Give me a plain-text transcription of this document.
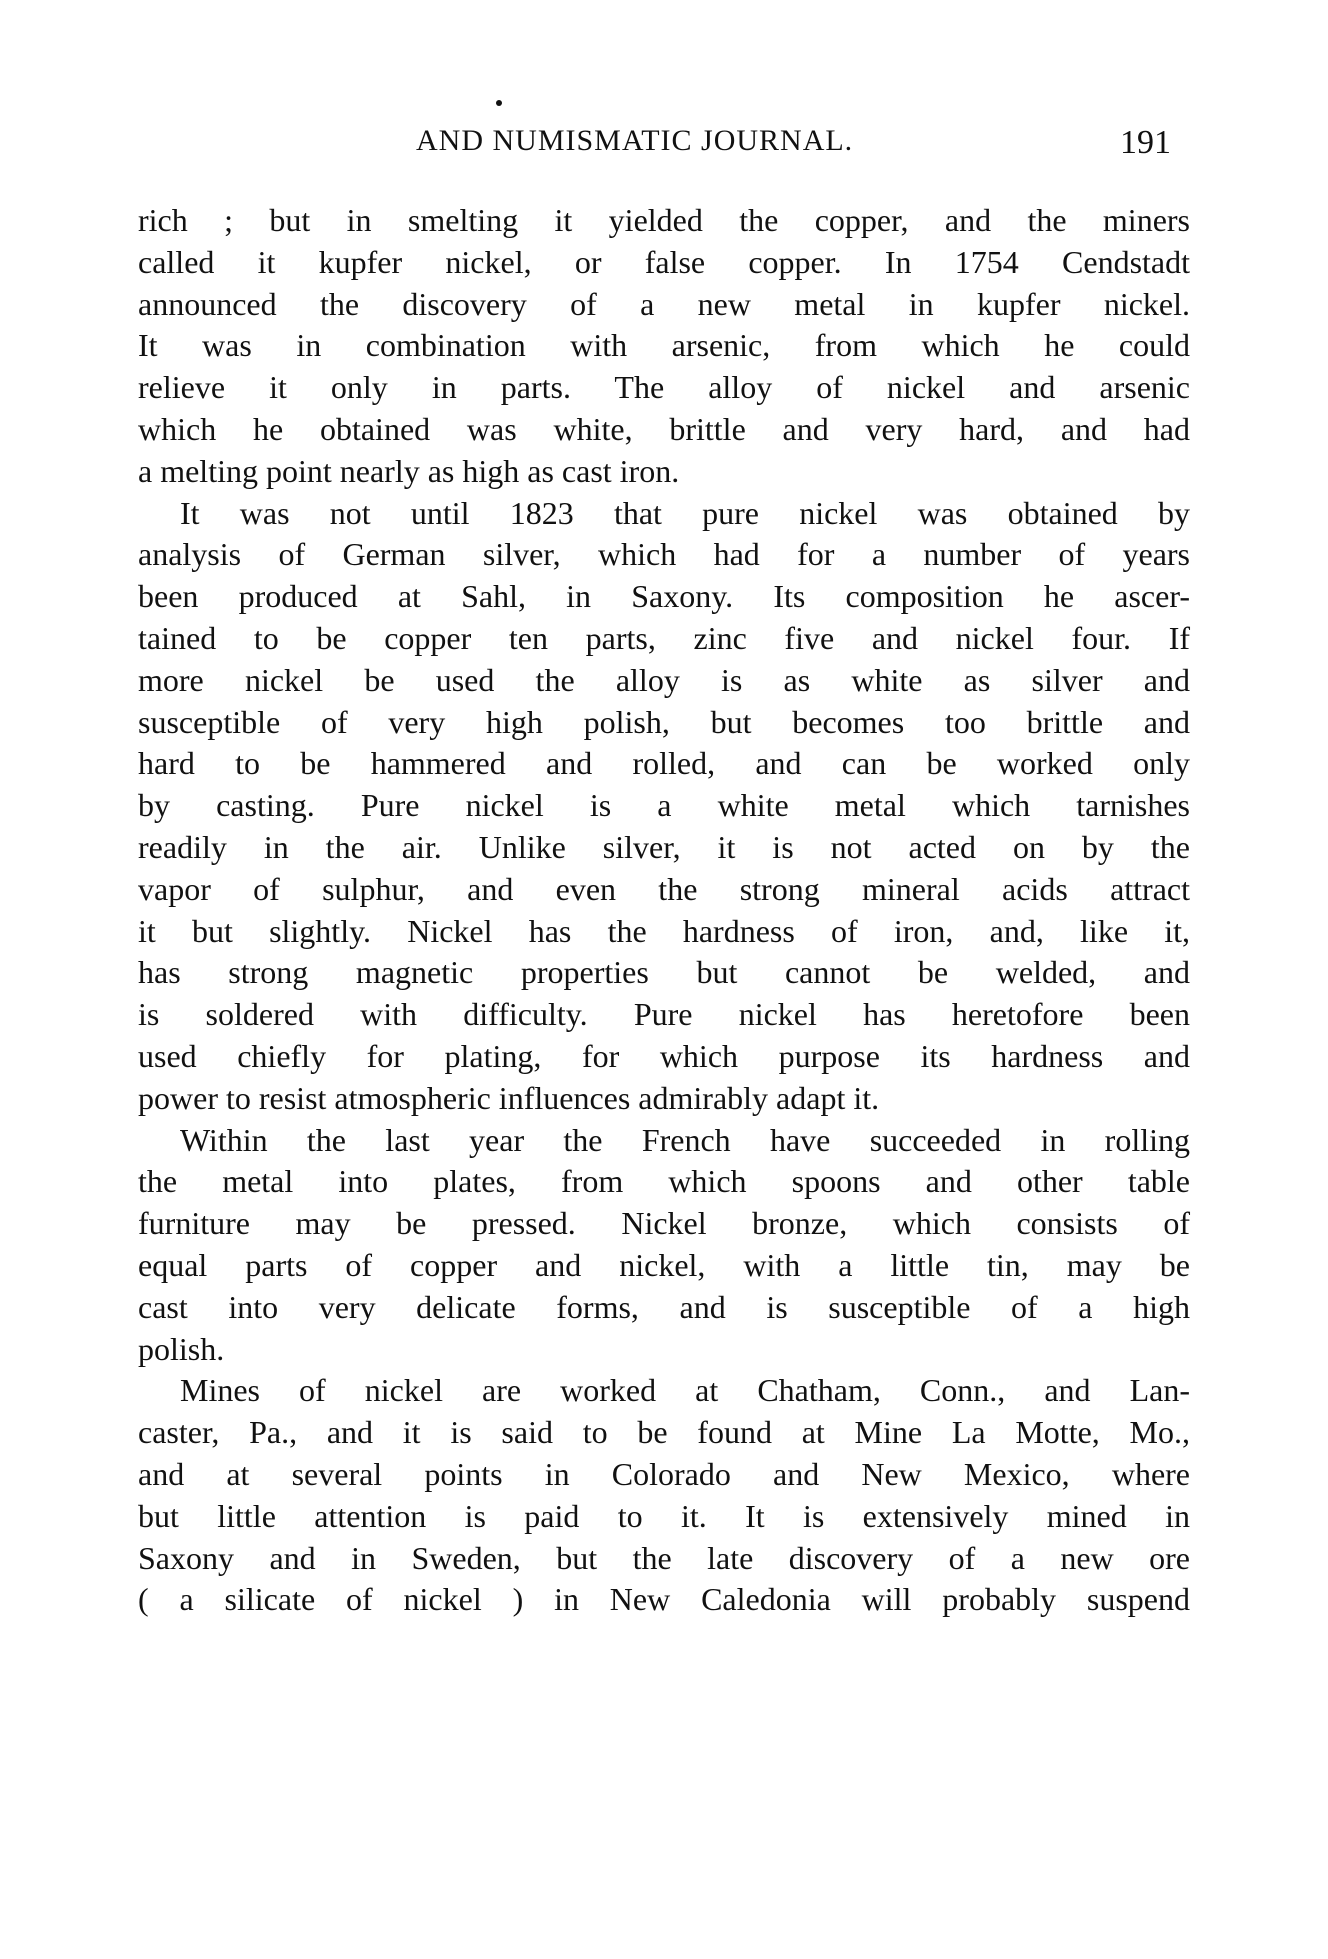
AND NUMISMATIC JOURNAL.	191
rich ; but in smelting it yielded the copper, and the miners
called it kupfer nickel, or false copper. In 1754 Cendstadt
announced the discovery of a new metal in kupfer nickel.
It was in combination with arsenic, from which he could
relieve it only in parts. The alloy of nickel and arsenic
which he obtained was white, brittle and very hard, and had
a melting point nearly as high as cast iron.
It was not until 1823 that pure nickel was obtained by
analysis of German silver, which had for a number of years
been produced at Sahl, in Saxony. Its composition he ascer-
tained to be copper ten parts, zinc five and nickel four. If
more nickel be used the alloy is as white as silver and
susceptible of very high polish, but becomes too brittle and
hard to be hammered and rolled, and can be worked only
by casting. Pure nickel is a white metal which tarnishes
readily in the air. Unlike silver, it is not acted on by the
vapor of sulphur, and even the strong mineral acids attract
it but slightly. Nickel has the hardness of iron, and, like it,
has strong magnetic properties but cannot be welded, and
is soldered with difficulty. Pure nickel has heretofore been
used chiefly for plating, for which purpose its hardness and
power to resist atmospheric influences admirably adapt it.
Within the last year the French have succeeded in rolling
the metal into plates, from which spoons and other table
furniture may be pressed. Nickel bronze, which consists of
equal parts of copper and nickel, with a little tin, may be
cast into very delicate forms, and is susceptible of a high
polish.
Mines of nickel are worked at Chatham, Conn., and Lan-
caster, Pa., and it is said to be found at Mine La Motte, Mo.,
and at several points in Colorado and New Mexico, where
but little attention is paid to it. It is extensively mined in
Saxony and in Sweden, but the late discovery of a new ore
( a silicate of nickel ) in New Caledonia will probably suspend
